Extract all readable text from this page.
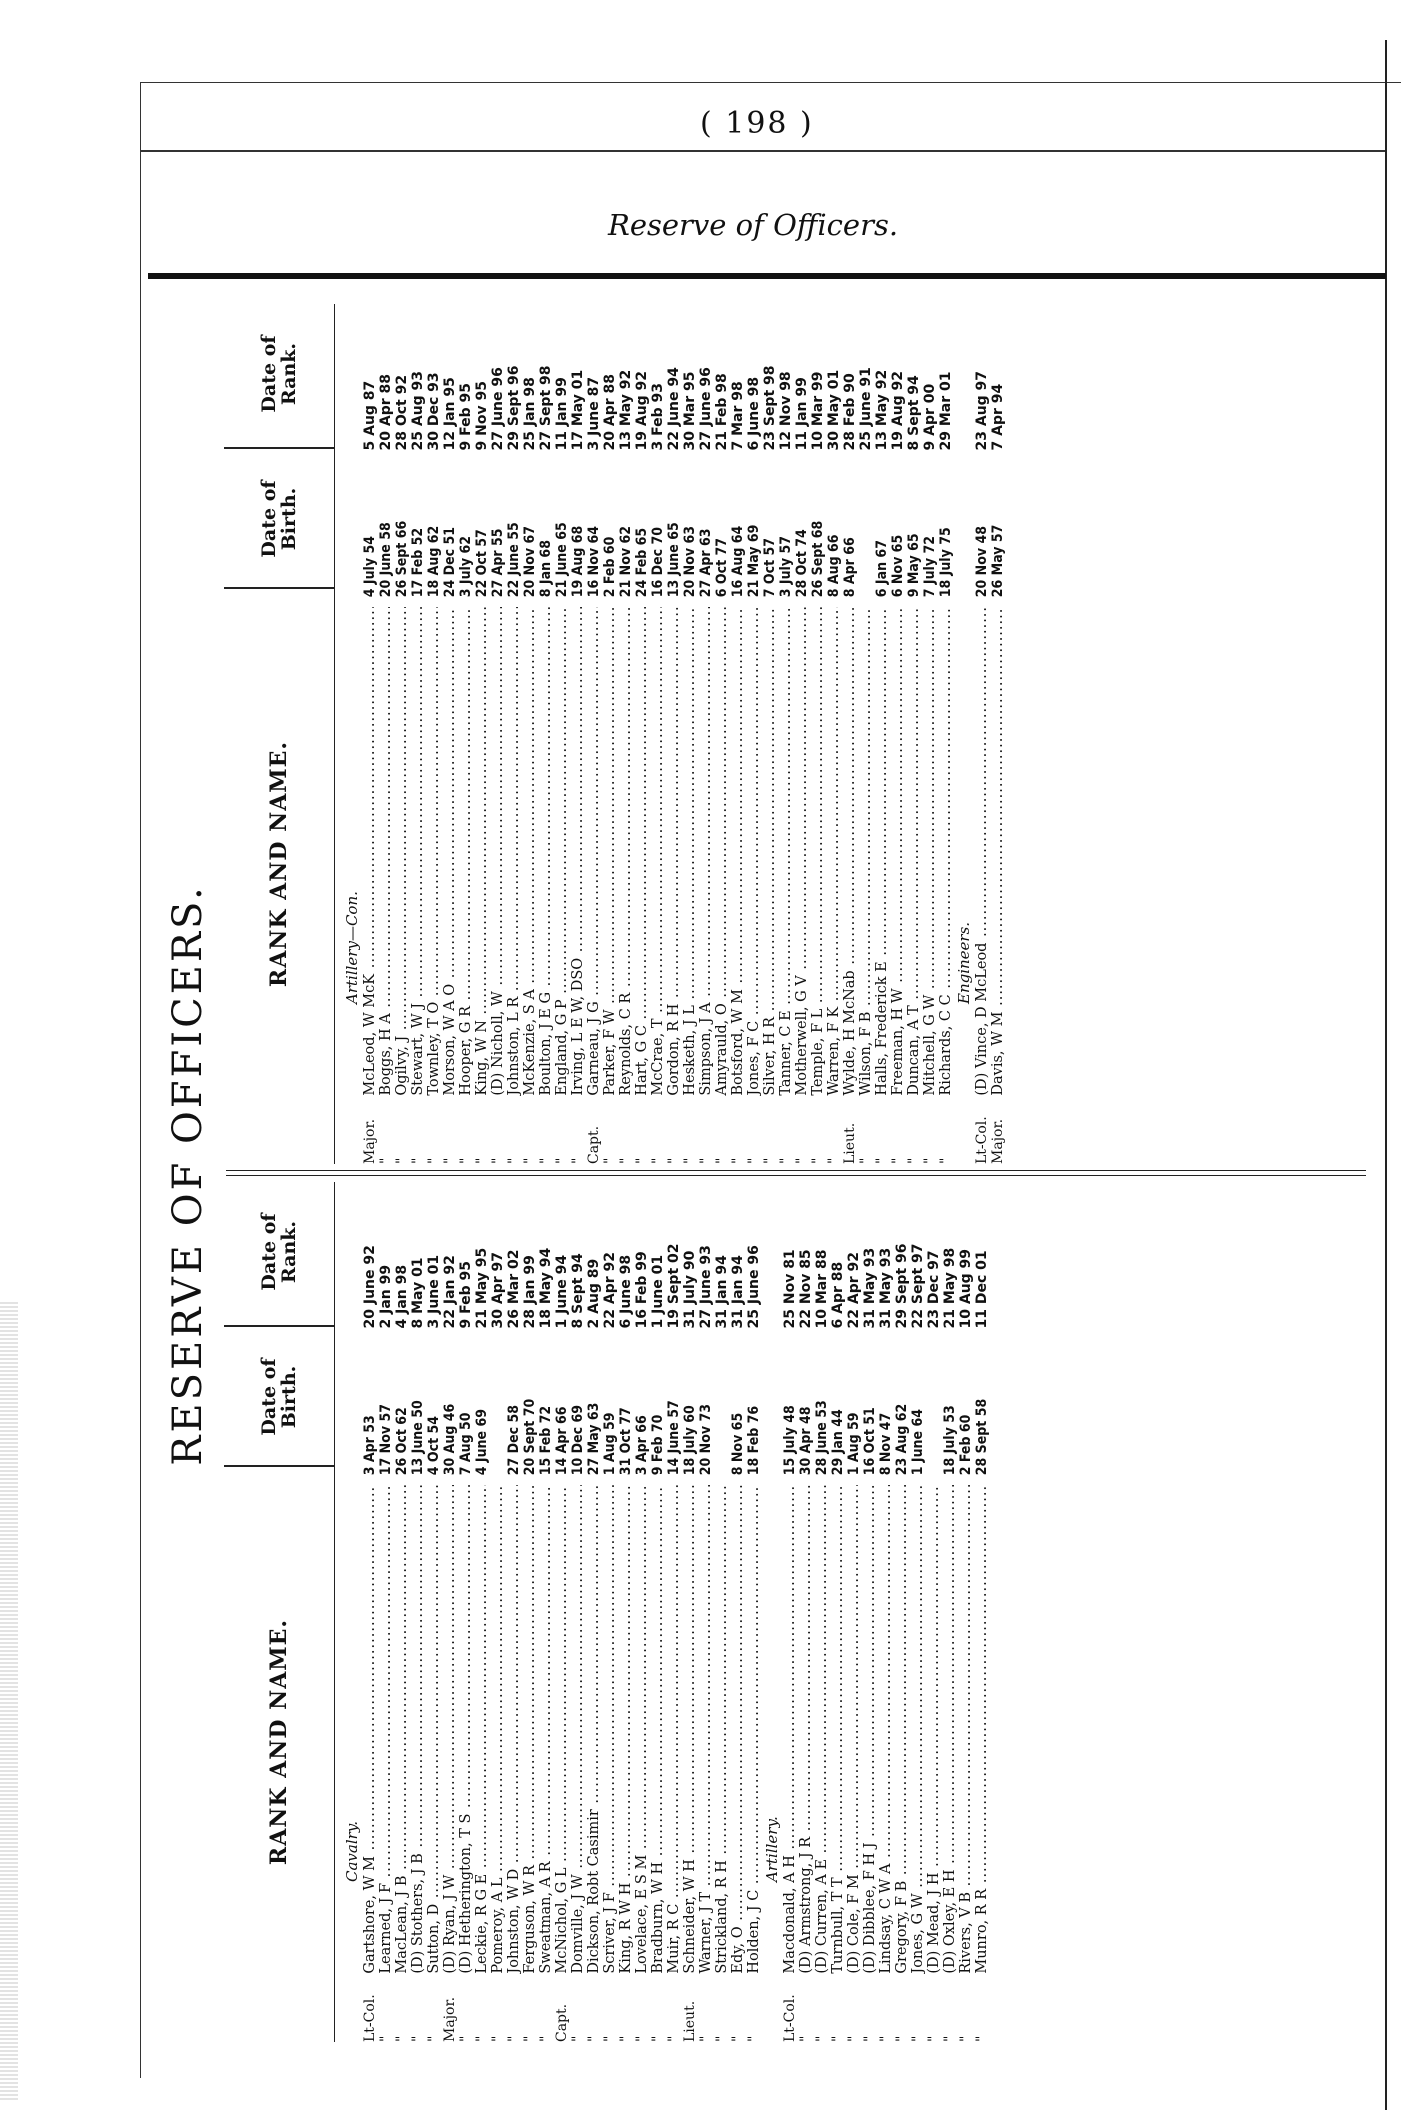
( 198 )
Reserve of Officers.
RESERVE OF OFFICERS.
RANK AND NAME.
Date of Birth.
Date of Rank.
Cavalry.
Lt-Col.
Gartshore, W M .....
3 Apr 53
20 June 92
"
Learned, J F .....
17 Nov 57
2 Jan 99
"
MacLean, J B .....
26 Oct 62
4 Jan 98
"
(D) Stothers, J B .....
13 June 50
8 May 01
"
Sutton, D .....
4 Oct 54
3 June 01
Major.
(D) Ryan, J W .....
30 Aug 46
22 Jan 92
"
(D) Hetherington, T S .....
7 Aug 50
9 Feb 95
"
Leckie, R G E .....
4 June 69
21 May 95
"
Pomeroy, A L .....
30 Apr 97
"
Johnston, W D .....
27 Dec 58
26 Mar 02
"
Ferguson, W R .....
20 Sept 70
28 Jan 99
"
Sweatman, A R .....
15 Feb 72
18 May 94
Capt.
McNichol, G L .....
14 Apr 66
1 June 94
"
Domville, J W .....
10 Dec 69
8 Sept 94
"
Dickson, Robt Casimir .....
27 May 63
2 Aug 89
"
Scriver, J F .....
1 Aug 59
22 Apr 92
"
King, R W H .....
31 Oct 77
6 June 98
"
Lovelace, E S M .....
3 Apr 66
16 Feb 99
"
Bradburn, W H .....
9 Feb 70
1 June 01
"
Muir, R C .....
14 June 57
19 Sept 02
Lieut.
Schneider, W H .....
18 July 60
31 July 90
"
Warner, J T .....
20 Nov 73
27 June 93
"
Strickland, R H .....
31 Jan 94
"
Edy, O .....
8 Nov 65
31 Jan 94
"
Holden, J C .....
18 Feb 76
25 June 96
Artillery.
Lt-Col.
Macdonald, A H .....
15 July 48
25 Nov 81
"
(D) Armstrong, J R .....
30 Apr 48
22 Nov 85
"
(D) Curren, A E .....
28 June 53
10 Mar 88
"
Turnbull, T T .....
29 Jan 44
6 Apr 88
"
(D) Cole, F M .....
1 Aug 59
22 Apr 92
"
(D) Dibblee, F H J .....
16 Oct 51
31 May 93
"
Lindsay, C W A .....
8 Nov 47
31 May 93
"
Gregory, F B .....
23 Aug 62
29 Sept 96
"
Jones, G W .....
1 June 64
22 Sept 97
"
(D) Mead, J H .....
23 Dec 97
"
(D) Oxley, E H .....
18 July 53
21 May 98
"
Rivers, V B .....
2 Feb 60
10 Aug 99
"
Munro, R R .....
28 Sept 58
11 Dec 01
RANK AND NAME.
Date of Birth.
Date of Rank.
Artillery—Con.
Major.
McLeod, W McK .....
4 July 54
5 Aug 87
"
Boggs, H A .....
20 June 58
20 Apr 88
"
Ogilvy, J .....
26 Sept 66
28 Oct 92
"
Stewart, W J .....
17 Feb 52
25 Aug 93
"
Townley, T O .....
18 Aug 62
30 Dec 93
"
Morson, W A O .....
24 Dec 51
12 Jan 95
"
Hooper, G R .....
3 July 62
9 Feb 95
"
King, W N .....
22 Oct 57
9 Nov 95
"
(D) Nicholl, W .....
27 Apr 55
27 June 96
"
Johnston, L R .....
22 June 55
29 Sept 96
"
McKenzie, S A .....
20 Nov 67
25 Jan 98
"
Boulton, J E G .....
8 Jan 68
27 Sept 98
"
England, G P .....
21 June 65
11 Jan 99
"
Irving, L E W, DSO .....
19 Aug 68
17 May 01
Capt.
Garneau, J G .....
16 Nov 64
3 June 87
"
Parker, F W .....
2 Feb 60
20 Apr 88
"
Reynolds, C R .....
21 Nov 62
13 May 92
"
Hart, G C .....
24 Feb 65
19 Aug 92
"
McCrae, T .....
16 Dec 70
3 Feb 93
"
Gordon, R H .....
13 June 65
22 June 94
"
Hesketh, J L .....
20 Nov 63
30 Mar 95
"
Simpson, J A .....
27 Apr 63
27 June 96
"
Amyrauld, O .....
6 Oct 77
21 Feb 98
"
Botsford, W M .....
16 Aug 64
7 Mar 98
"
Jones, F C .....
21 May 69
6 June 98
"
Silver, H R .....
7 Oct 57
23 Sept 98
"
Tanner, C E .....
3 July 57
12 Nov 98
"
Motherwell, G V .....
28 Oct 74
11 Jan 99
"
Temple, F L .....
26 Sept 68
10 Mar 99
"
Warren, F K .....
8 Aug 66
30 May 01
Lieut.
Wylde, H McNab .....
8 Apr 66
28 Feb 90
"
Wilson, F B .....
25 June 91
"
Halls, Frederick E .....
6 Jan 67
13 May 92
"
Freeman, H W .....
6 Nov 65
19 Aug 92
"
Duncan, A T .....
9 May 65
8 Sept 94
"
Mitchell, G W .....
7 July 72
9 Apr 00
"
Richards, C C .....
18 July 75
29 Mar 01
Engineers.
Lt-Col.
(D) Vince, D McLeod .....
20 Nov 48
23 Aug 97
Major.
Davis, W M .....
26 May 57
7 Apr 94
